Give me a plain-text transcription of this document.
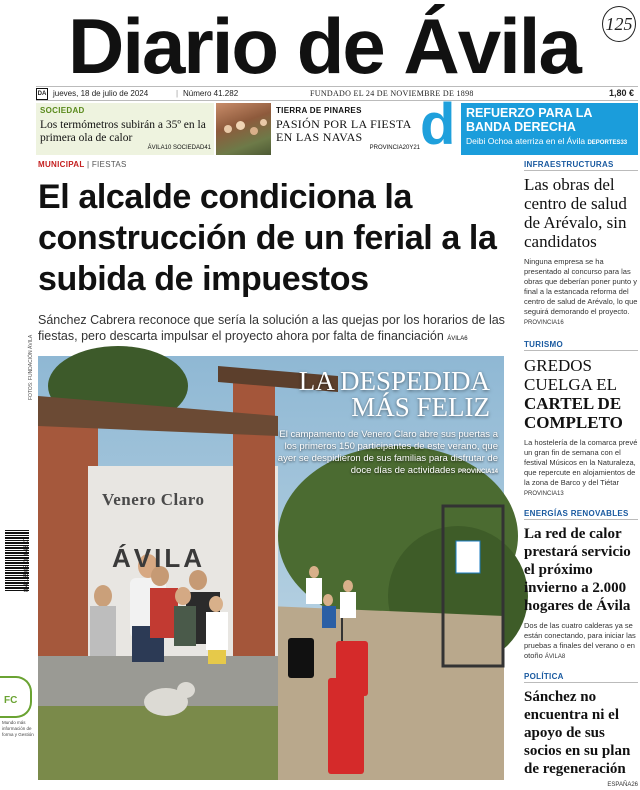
Diario de Ávila 125
DA jueves, 18 de julio de 2024	| Número 41.282	FUNDADO EL 24 DE NOVIEMBRE DE 1898	1,80 €
SOCIEDAD
Los termómetros subirán a 35º en la primera ola de calor
ÁVILA10 SOCIEDAD41
TIERRA DE PINARES
PASIÓN POR LA FIESTA EN LAS NAVAS
PROVINCIA20Y21 d REFUERZO PARA LA BANDA DERECHA
Deibi Ochoa aterriza en el Ávila DEPORTES33
MUNICIPAL | FIESTAS
El alcalde condiciona la construcción de un ferial a la subida de impuestos
Sánchez Cabrera reconoce que sería la solución a las quejas por los horarios de las fiestas, pero descarta impulsar el proyecto ahora por falta de financiación ÁVILA6
LA DESPEDIDA
MÁS FELIZ
El campamento de Venero Claro abre sus puertas a los primeros 150 participantes de este verano, que ayer se despidieron de sus familias para disfrutar de doce días de actividades PROVINCIA14
Venero Claro
ÁVILA
INFRAESTRUCTURAS
Las obras del centro de salud de Arévalo, sin candidatos
Ninguna empresa se ha presentado al concurso para las obras que deberían poner punto y final a la estancada reforma del centro de salud de Arévalo, lo que seguirá demorando el proyecto. PROVINCIA16
TURISMO
GREDOS
CUELGA EL
CARTEL DE
COMPLETO
La hostelería de la comarca prevé un gran fin de semana con el festival Músicos en la Naturaleza, que repercute en alojamientos de la zona de Barco y del Tiétar PROVINCIA13
ENERGÍAS RENOVABLES
La red de calor prestará servicio el próximo invierno a 2.000 hogares de Ávila
Dos de las cuatro calderas ya se están conectando, para iniciar las pruebas a finales del verano o en otoño ÁVILA8
POLÍTICA
Sánchez no encuentra ni el apoyo de sus socios en su plan de regeneración
ESPAÑA26
FOTOS: FUNDACIÓN ÁVILA
8 4 13505 00 043 07
FC
Mundo más información de forma y Gestión
